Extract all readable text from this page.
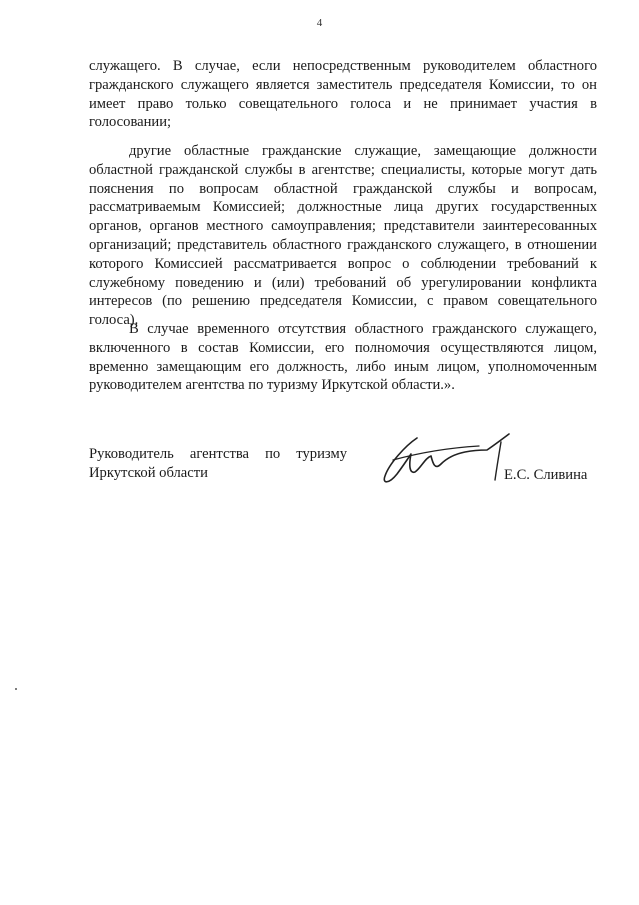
4

служащего. В случае, если непосредственным руководителем областного гражданского служащего является заместитель председателя Комиссии, то он имеет право только совещательного голоса и не принимает участия в голосовании;

другие областные гражданские служащие, замещающие должности областной гражданской службы в агентстве; специалисты, которые могут дать пояснения по вопросам областной гражданской службы и вопросам, рассматриваемым Комиссией; должностные лица других государственных органов, органов местного самоуправления; представители заинтересованных организаций; представитель областного гражданского служащего, в отношении которого Комиссией рассматривается вопрос о соблюдении требований к служебному поведению и (или) требований об урегулировании конфликта интересов (по решению председателя Комиссии, с правом совещательного голоса).

В случае временного отсутствия областного гражданского служащего, включенного в состав Комиссии, его полномочия осуществляются лицом, временно замещающим его должность, либо иным лицом, уполномоченным руководителем агентства по туризму Иркутской области.».

Руководитель агентства по туризму
Иркутской области	Е.С. Сливина
